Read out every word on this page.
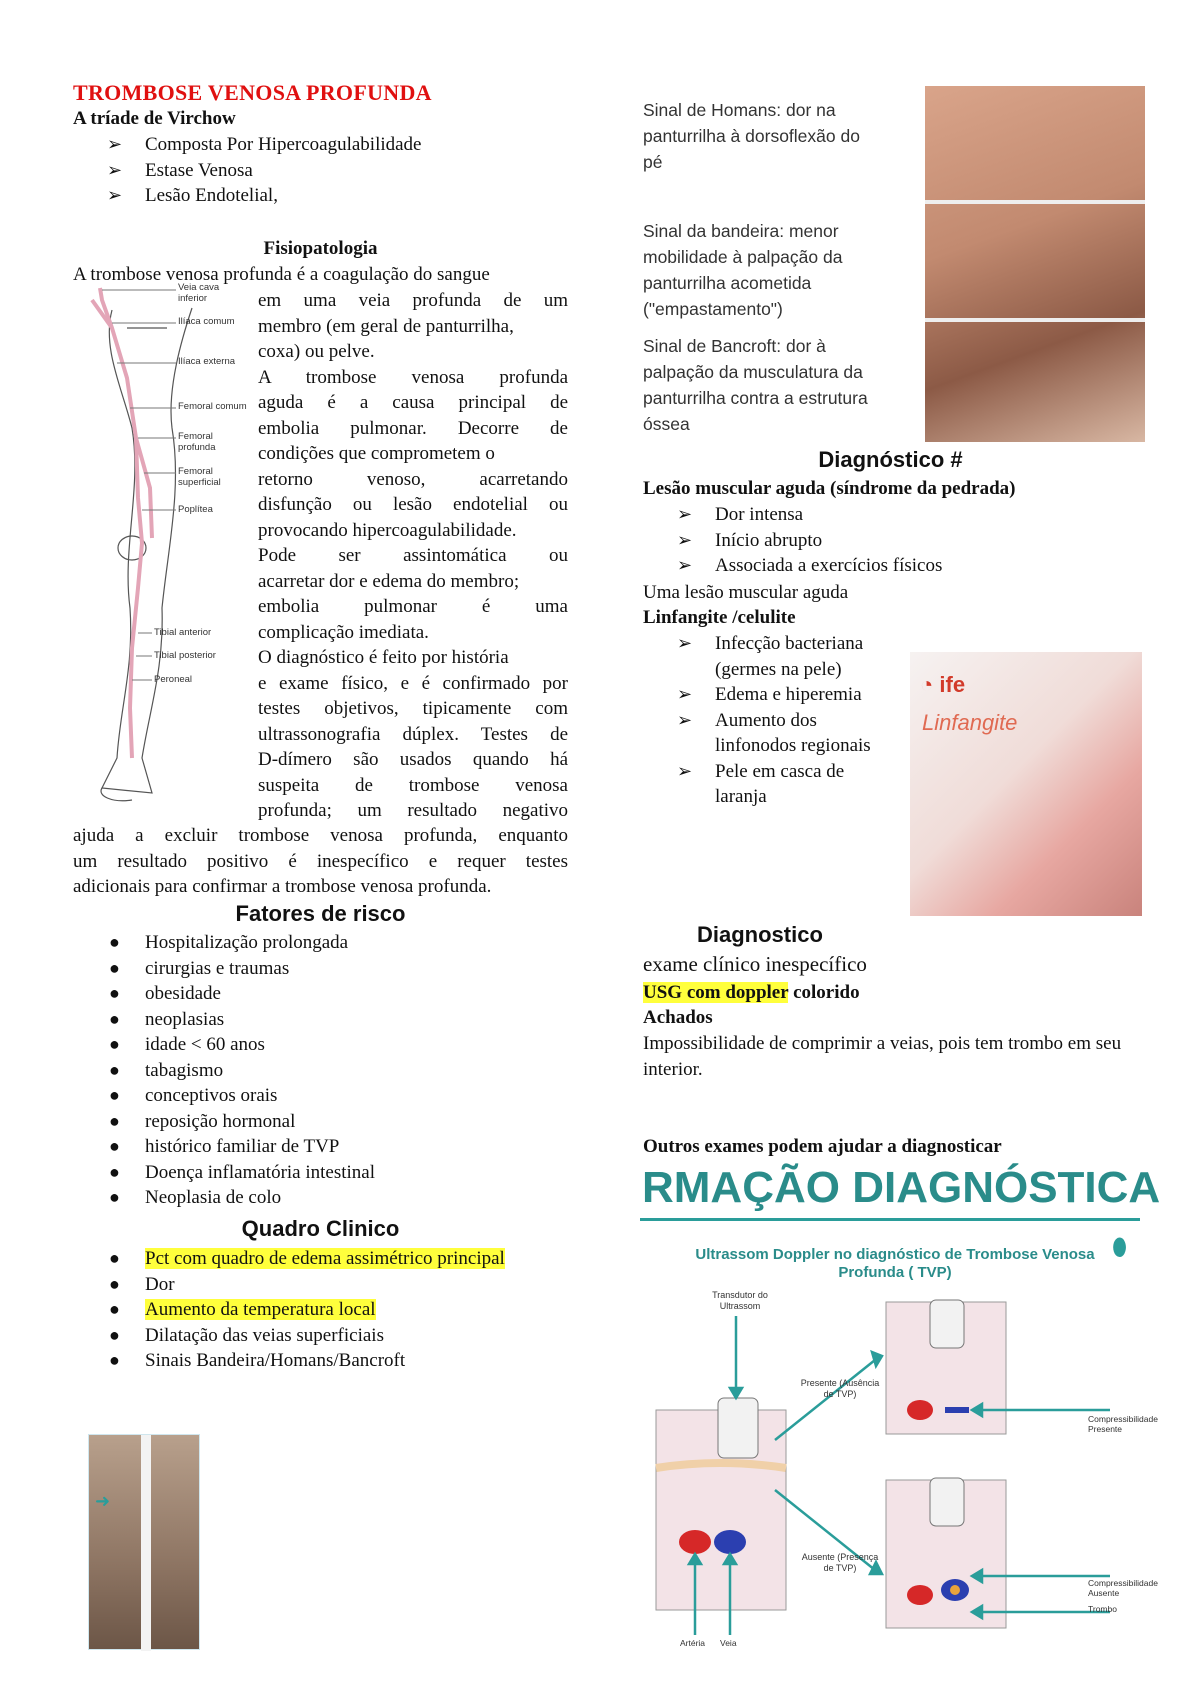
TROMBOSE VENOSA PROFUNDA
A tríade de Virchow
➢ Composta Por Hipercoagulabilidade
➢ Estase Venosa
➢ Lesão Endotelial,
Fisiopatologia
A trombose venosa profunda é a coagulação do sangue
Veia cava inferior
Ilíaca comum
Ilíaca externa
Femoral comum
Femoral profunda
Femoral superficial
Poplítea
Tibial anterior
Tibial posterior
Peroneal
em uma veia profunda de um
membro (em geral de panturrilha,
coxa) ou pelve.
A trombose venosa profunda
aguda é a causa principal de
embolia pulmonar. Decorre de
condições que comprometem o
retorno venoso, acarretando
disfunção ou lesão endotelial ou
provocando hipercoagulabilidade.
Pode ser assintomática ou
acarretar dor e edema do membro;
embolia pulmonar é uma
complicação imediata.
O diagnóstico é feito por história
e exame físico, e é confirmado por
testes objetivos, tipicamente com
ultrassonografia dúplex. Testes de
D-dímero são usados quando há
suspeita de trombose venosa
profunda; um resultado negativo
ajuda a excluir trombose venosa profunda, enquanto
um resultado positivo é inespecífico e requer testes
adicionais para confirmar a trombose venosa profunda.
Fatores de risco
● Hospitalização prolongada
● cirurgias e traumas
● obesidade
● neoplasias
● idade < 60 anos
● tabagismo
● conceptivos orais
● reposição hormonal
● histórico familiar de TVP
● Doença inflamatória intestinal
● Neoplasia de colo
Quadro Clinico
● Pct com quadro de edema assimétrico principal
● Dor
● Aumento da temperatura local
● Dilatação das veias superficiais
● Sinais Bandeira/Homans/Bancroft
➜
Sinal de Homans: dor na panturrilha à dorsoflexão do pé
Sinal da bandeira: menor mobilidade à palpação da panturrilha acometida ("empastamento")
Sinal de Bancroft: dor à palpação da musculatura da panturrilha contra a estrutura óssea
Diagnóstico #
Lesão muscular aguda (síndrome da pedrada)
➢ Dor intensa
➢ Início abrupto
➢ Associada a exercícios físicos
Uma lesão muscular aguda
Linfangite /celulite
➢ Infecção bacteriana (germes na pele)
➢ Edema e hiperemia
➢ Aumento dos linfonodos regionais
➢ Pele em casca de laranja
◔ ife
Linfangite
Diagnostico
exame clínico inespecífico
USG com doppler colorido
Achados
Impossibilidade de comprimir a veias, pois tem trombo em seu interior.
Outros exames podem ajudar a diagnosticar
RMAÇÃO DIAGNÓSTICA
Ultrassom Doppler no diagnóstico de Trombose Venosa Profunda ( TVP)
⬮
Transdutor do Ultrassom
Presente (Ausência de TVP)
Ausente (Presença de TVP)
Compressibilidade Presente
Compressibilidade Ausente
Trombo
Artéria	Veia
